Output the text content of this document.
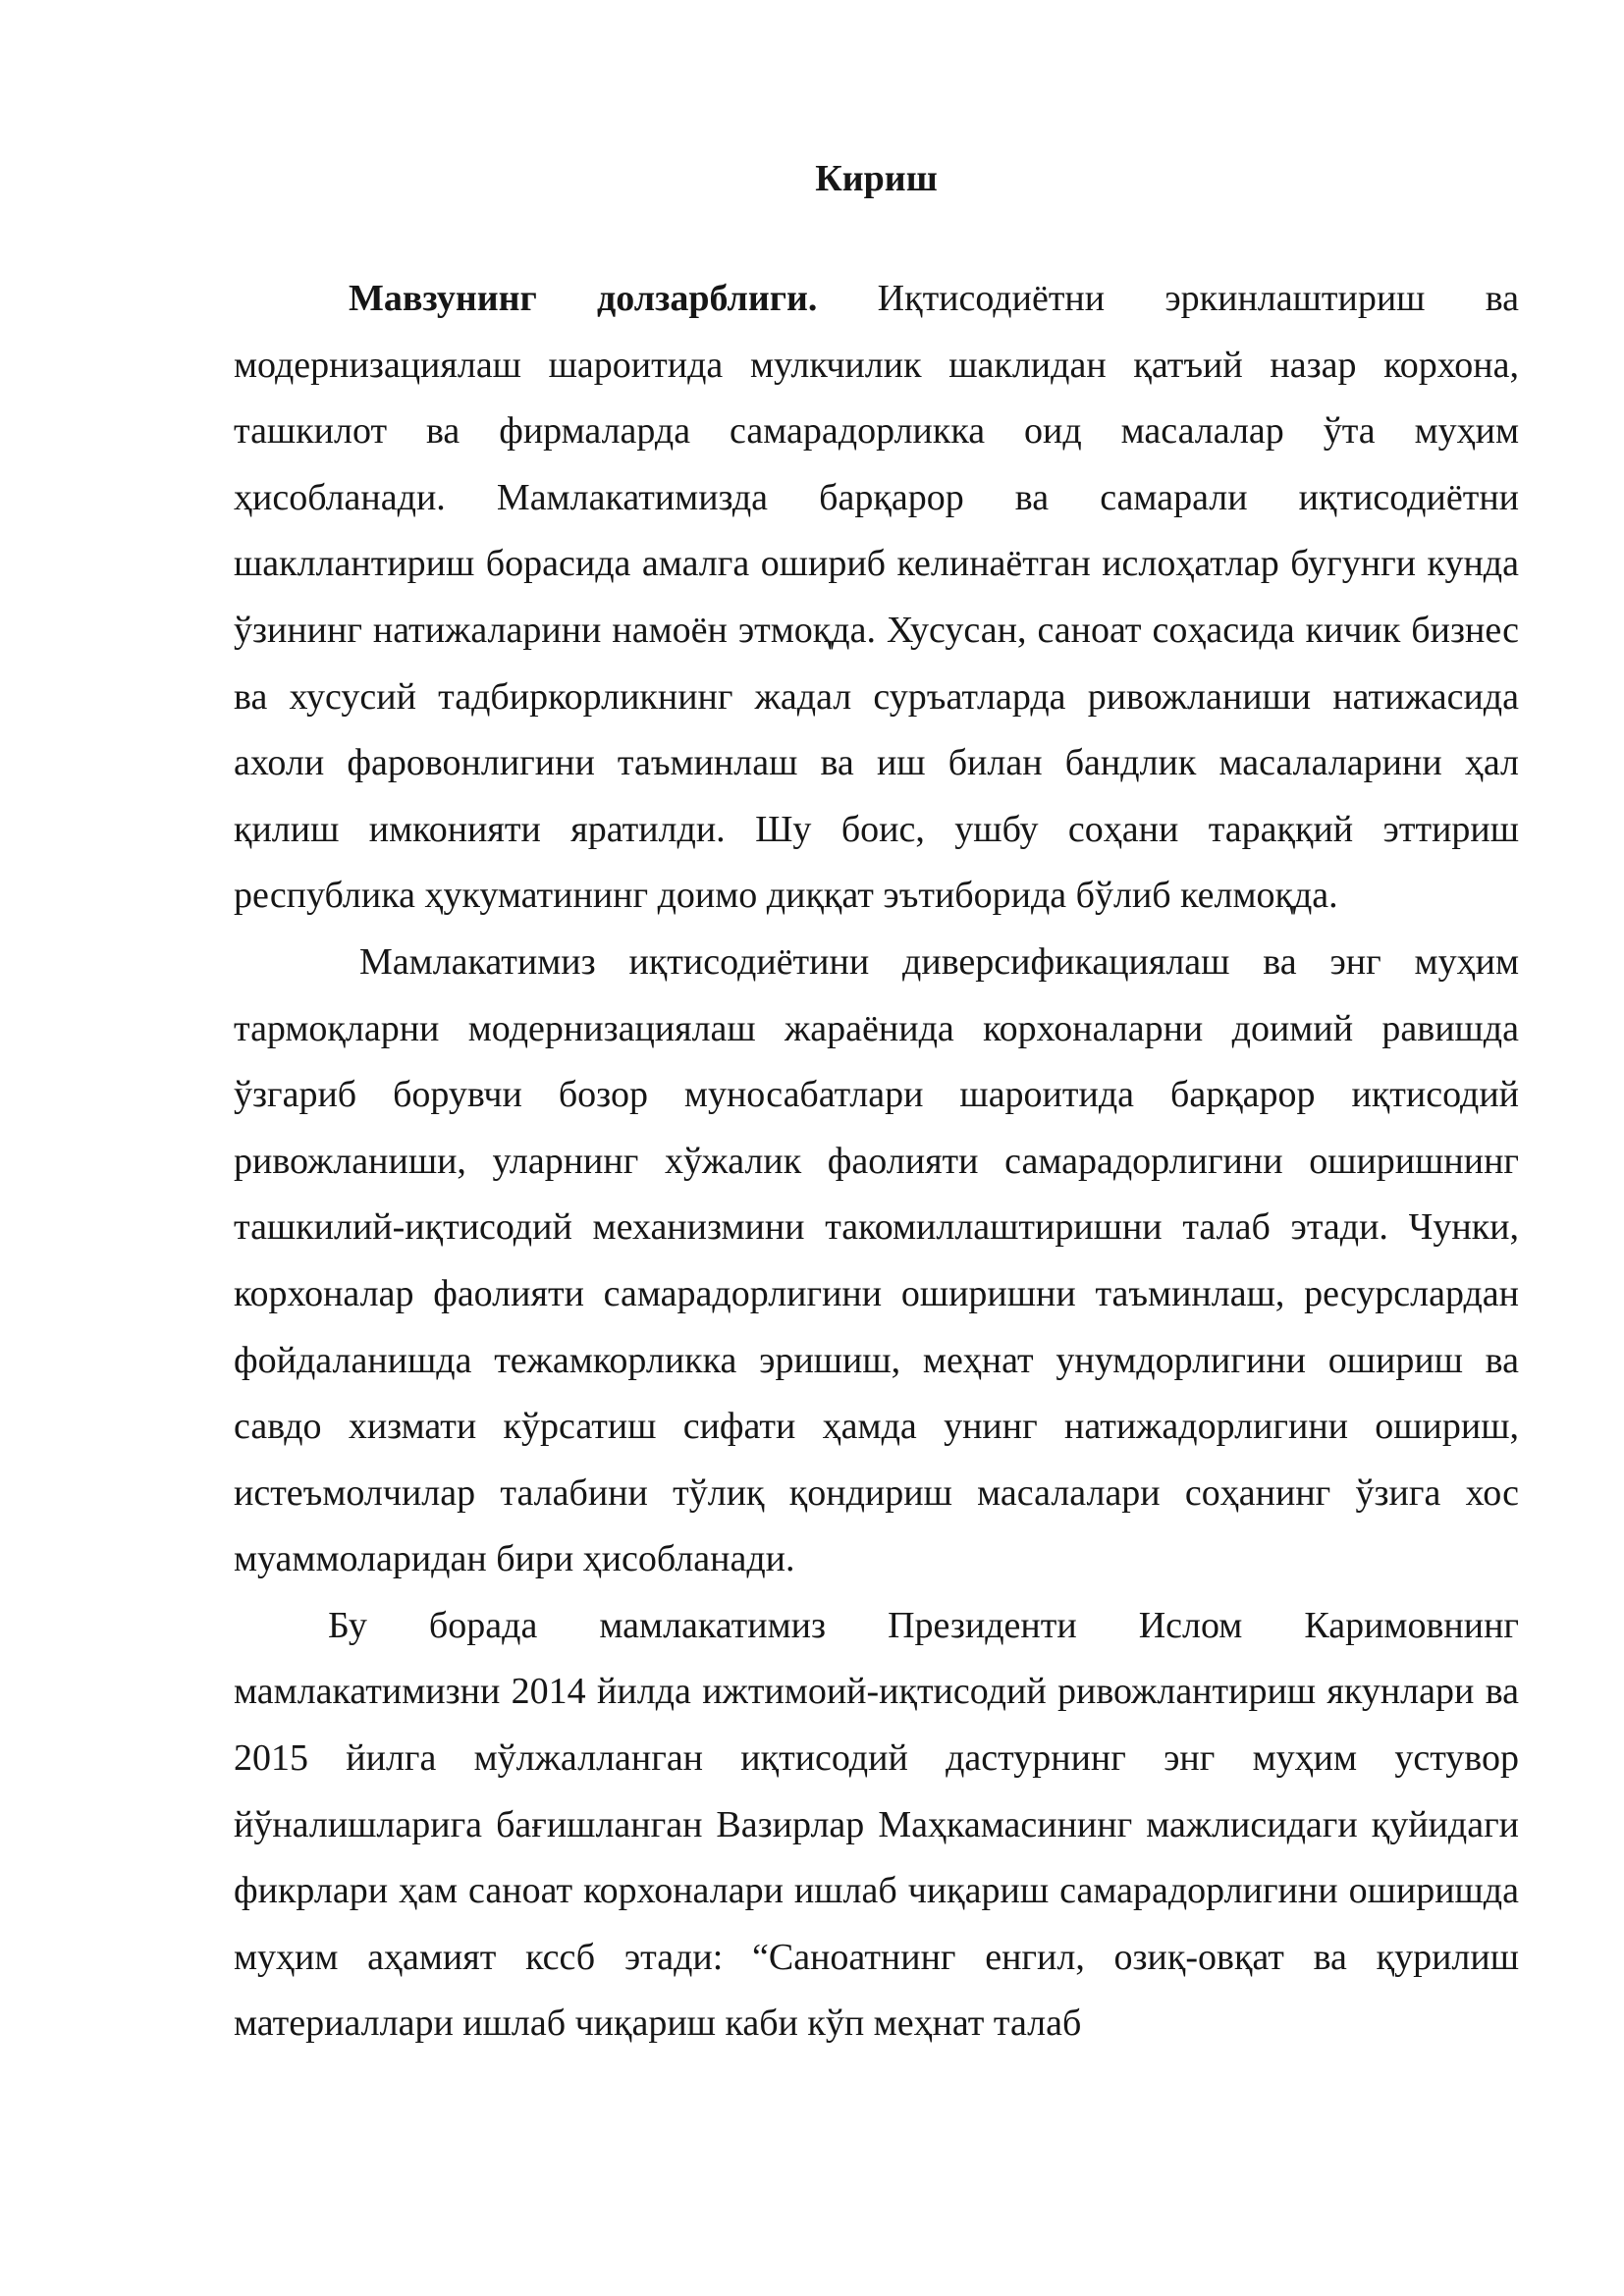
Кириш

Мавзунинг долзарблиги. Иқтисодиётни эркинлаштириш ва модернизациялаш шароитида мулкчилик шаклидан қатъий назар корхона, ташкилот ва фирмаларда самарадорликка оид масалалар ўта муҳим ҳисобланади. Мамлакатимизда барқарор ва самарали иқтисодиётни шакллантириш борасида амалга ошириб келинаётган ислоҳатлар бугунги кунда ўзининг натижаларини намоён этмоқда. Хусусан, саноат соҳасида кичик бизнес ва хусусий тадбиркорликнинг жадал суръатларда ривожланиши натижасида ахоли фаровонлигини таъминлаш ва иш билан бандлик масалаларини ҳал қилиш имконияти яратилди. Шу боис, ушбу соҳани тараққий эттириш республика ҳукуматининг доимо диққат эътиборида бўлиб келмоқда.

Мамлакатимиз иқтисодиётини диверсификациялаш ва энг муҳим тармоқларни модернизациялаш жараёнида корхоналарни доимий равишда ўзгариб борувчи бозор муносабатлари шароитида барқарор иқтисодий ривожланиши, уларнинг хўжалик фаолияти самарадорлигини оширишнинг ташкилий-иқтисодий механизмини такомиллаштиришни талаб этади. Чунки, корхоналар фаолияти самарадорлигини оширишни таъминлаш, ресурслардан фойдаланишда тежамкорликка эришиш, меҳнат унумдорлигини ошириш ва савдо хизмати кўрсатиш сифати ҳамда унинг натижадорлигини ошириш, истеъмолчилар талабини тўлиқ қондириш масалалари соҳанинг ўзига хос муаммоларидан бири ҳисобланади.

Бу борада мамлакатимиз Президенти Ислом Каримовнинг мамлакатимизни 2014 йилда ижтимоий-иқтисодий ривожлантириш якунлари ва 2015 йилга мўлжалланган иқтисодий дастурнинг энг муҳим устувор йўналишларига бағишланган Вазирлар Маҳкамасининг мажлисидаги қуйидаги фикрлари ҳам саноат корхоналари ишлаб чиқариш самарадорлигини оширишда муҳим аҳамият кссб этади: “Саноатнинг енгил, озиқ-овқат ва қурилиш материаллари ишлаб чиқариш каби кўп меҳнат талаб
